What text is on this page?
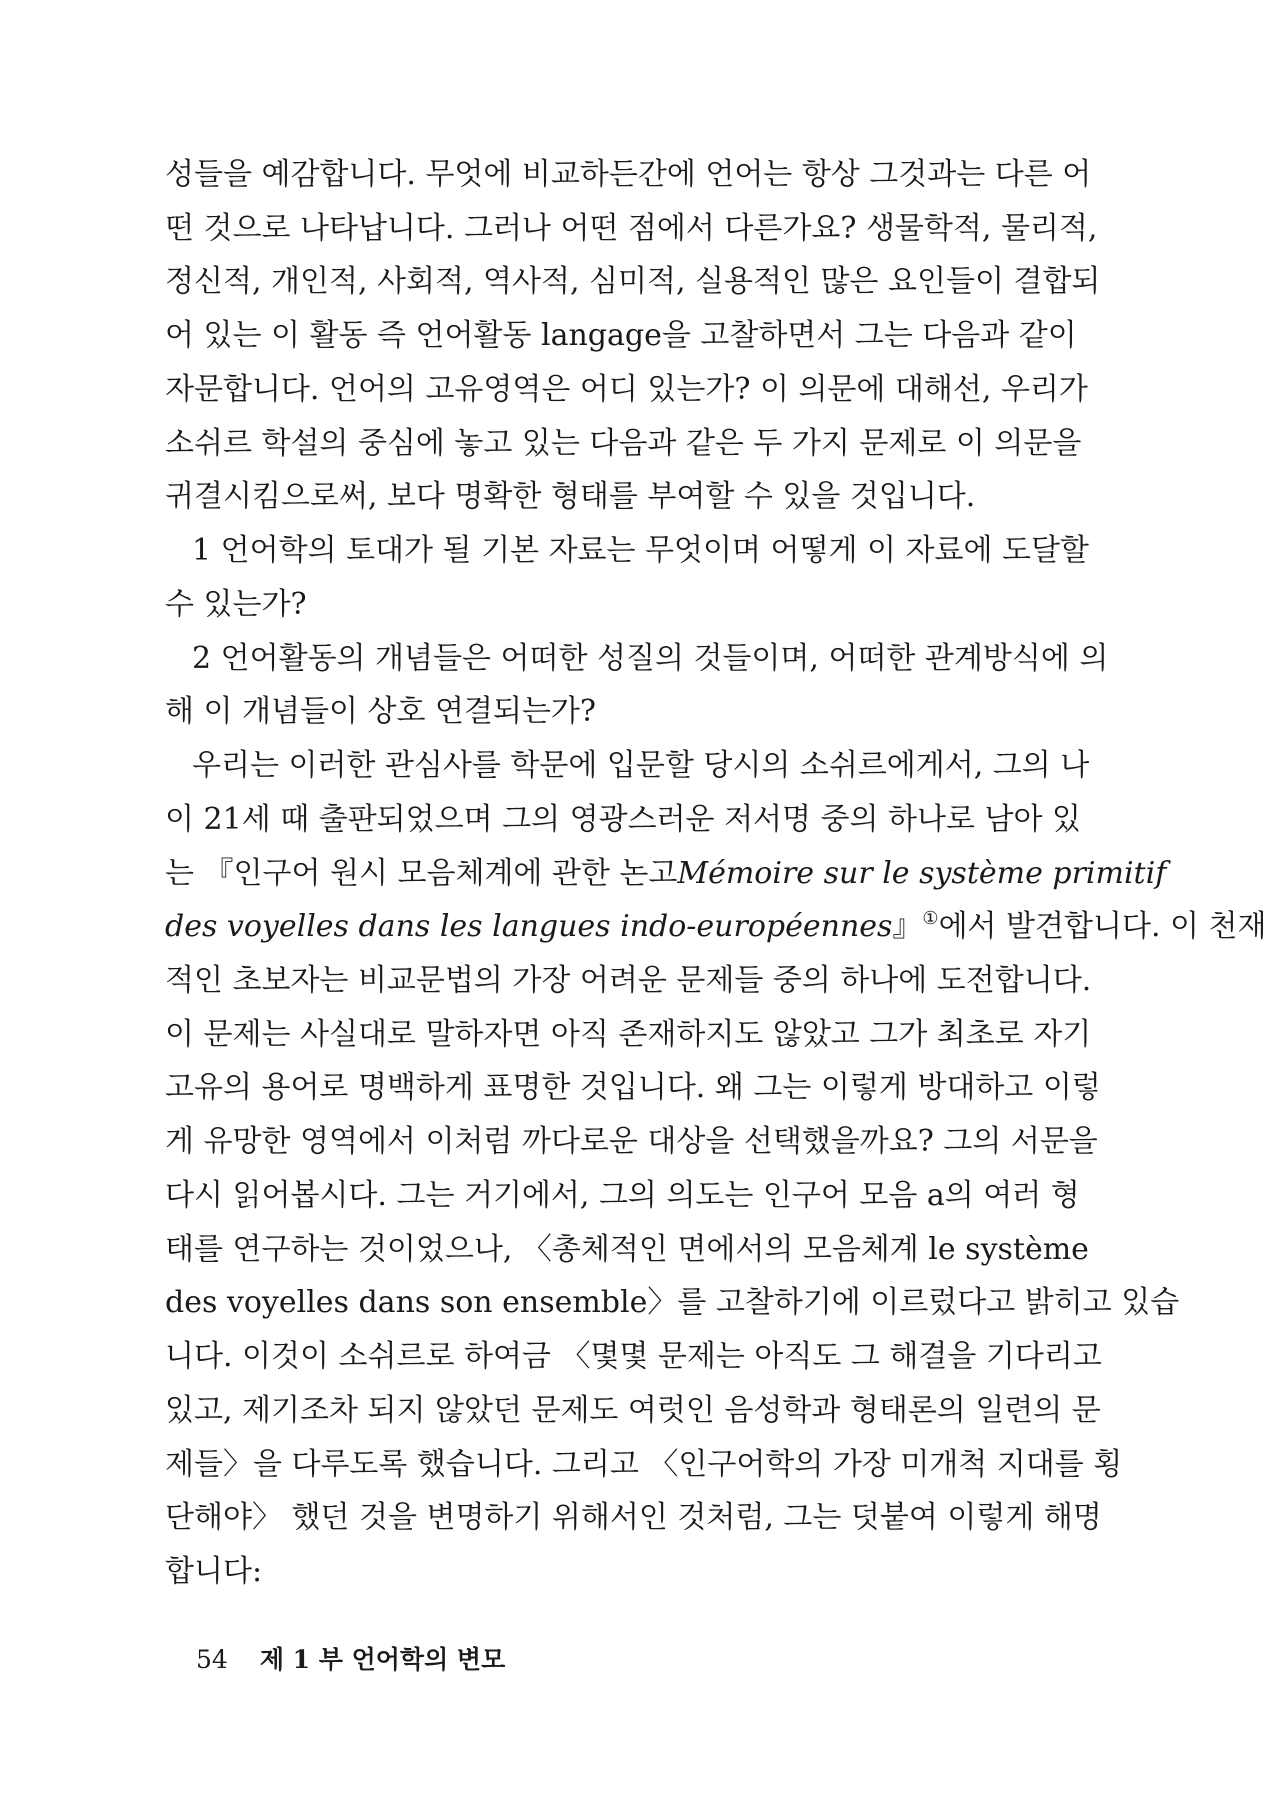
성들을 예감합니다. 무엇에 비교하든간에 언어는 항상 그것과는 다른 어
떤 것으로 나타납니다. 그러나 어떤 점에서 다른가요? 생물학적, 물리적,
정신적, 개인적, 사회적, 역사적, 심미적, 실용적인 많은 요인들이 결합되
어 있는 이 활동 즉 언어활동 langage을 고찰하면서 그는 다음과 같이
자문합니다. 언어의 고유영역은 어디 있는가? 이 의문에 대해선, 우리가
소쉬르 학설의 중심에 놓고 있는 다음과 같은 두 가지 문제로 이 의문을
귀결시킴으로써, 보다 명확한 형태를 부여할 수 있을 것입니다.
1 언어학의 토대가 될 기본 자료는 무엇이며 어떻게 이 자료에 도달할
수 있는가?
2 언어활동의 개념들은 어떠한 성질의 것들이며, 어떠한 관계방식에 의
해 이 개념들이 상호 연결되는가?
우리는 이러한 관심사를 학문에 입문할 당시의 소쉬르에게서, 그의 나
이 21세 때 출판되었으며 그의 영광스러운 저서명 중의 하나로 남아 있
는 『인구어 원시 모음체계에 관한 논고Mémoire sur le système primitif
des voyelles dans les langues indo-européennes』①에서 발견합니다. 이 천재
적인 초보자는 비교문법의 가장 어려운 문제들 중의 하나에 도전합니다.
이 문제는 사실대로 말하자면 아직 존재하지도 않았고 그가 최초로 자기
고유의 용어로 명백하게 표명한 것입니다. 왜 그는 이렇게 방대하고 이렇
게 유망한 영역에서 이처럼 까다로운 대상을 선택했을까요? 그의 서문을
다시 읽어봅시다. 그는 거기에서, 그의 의도는 인구어 모음 a의 여러 형
태를 연구하는 것이었으나, 〈총체적인 면에서의 모음체계 le système
des voyelles dans son ensemble〉를 고찰하기에 이르렀다고 밝히고 있습
니다. 이것이 소쉬르로 하여금 〈몇몇 문제는 아직도 그 해결을 기다리고
있고, 제기조차 되지 않았던 문제도 여럿인 음성학과 형태론의 일련의 문
제들〉을 다루도록 했습니다. 그리고 〈인구어학의 가장 미개척 지대를 횡
단해야〉 했던 것을 변명하기 위해서인 것처럼, 그는 덧붙여 이렇게 해명
합니다:
54 제 1 부 언어학의 변모
